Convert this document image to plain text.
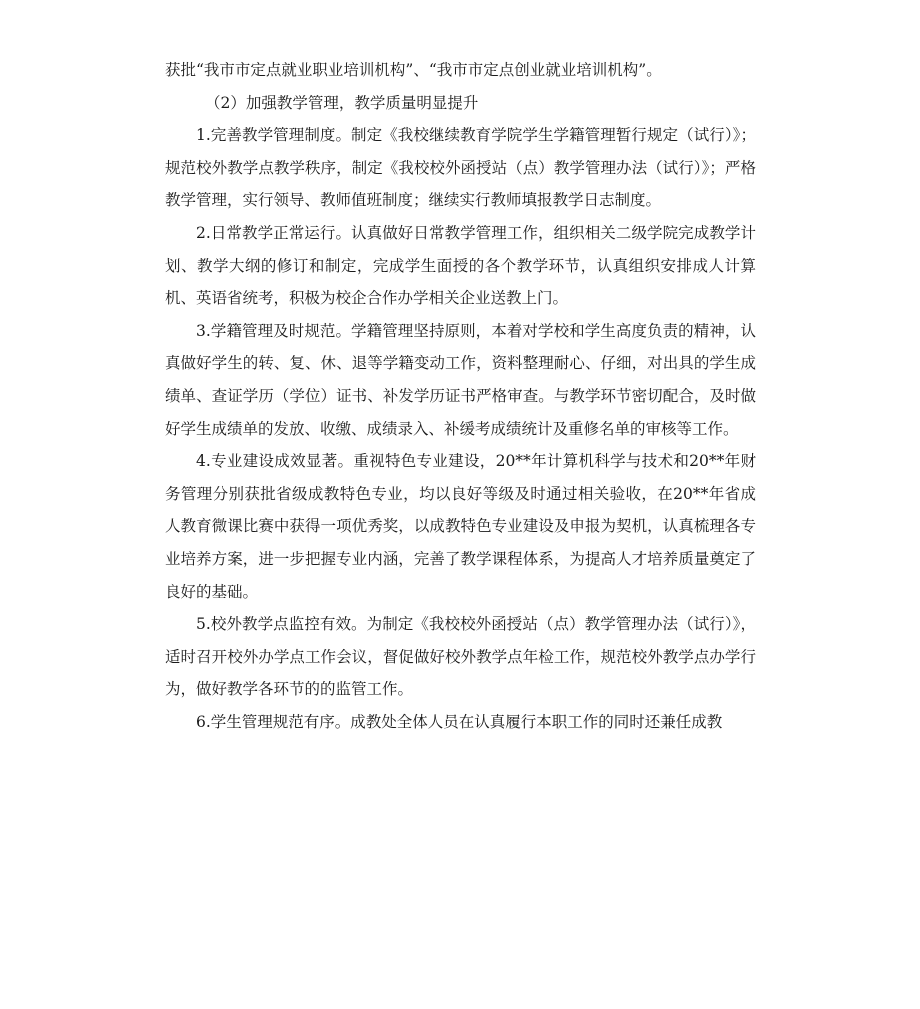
获批“我市市定点就业职业培训机构”、“我市市定点创业就业培训机构”。

（2）加强教学管理，教学质量明显提升

1.完善教学管理制度。制定《我校继续教育学院学生学籍管理暂行规定（试行）》；规范校外教学点教学秩序，制定《我校校外函授站（点）教学管理办法（试行）》；严格教学管理，实行领导、教师值班制度；继续实行教师填报教学日志制度。

2.日常教学正常运行。认真做好日常教学管理工作，组织相关二级学院完成教学计划、教学大纲的修订和制定，完成学生面授的各个教学环节，认真组织安排成人计算机、英语省统考，积极为校企合作办学相关企业送教上门。

3.学籍管理及时规范。学籍管理坚持原则，本着对学校和学生高度负责的精神，认真做好学生的转、复、休、退等学籍变动工作，资料整理耐心、仔细，对出具的学生成绩单、查证学历（学位）证书、补发学历证书严格审查。与教学环节密切配合，及时做好学生成绩单的发放、收缴、成绩录入、补缓考成绩统计及重修名单的审核等工作。

4.专业建设成效显著。重视特色专业建设，20**年计算机科学与技术和20**年财务管理分别获批省级成教特色专业，均以良好等级及时通过相关验收，在20**年省成人教育微课比赛中获得一项优秀奖，以成教特色专业建设及申报为契机，认真梳理各专业培养方案，进一步把握专业内涵，完善了教学课程体系，为提高人才培养质量奠定了良好的基础。

5.校外教学点监控有效。为制定《我校校外函授站（点）教学管理办法（试行）》，适时召开校外办学点工作会议，督促做好校外教学点年检工作，规范校外教学点办学行为，做好教学各环节的的监管工作。

6.学生管理规范有序。成教处全体人员在认真履行本职工作的同时还兼任成教
